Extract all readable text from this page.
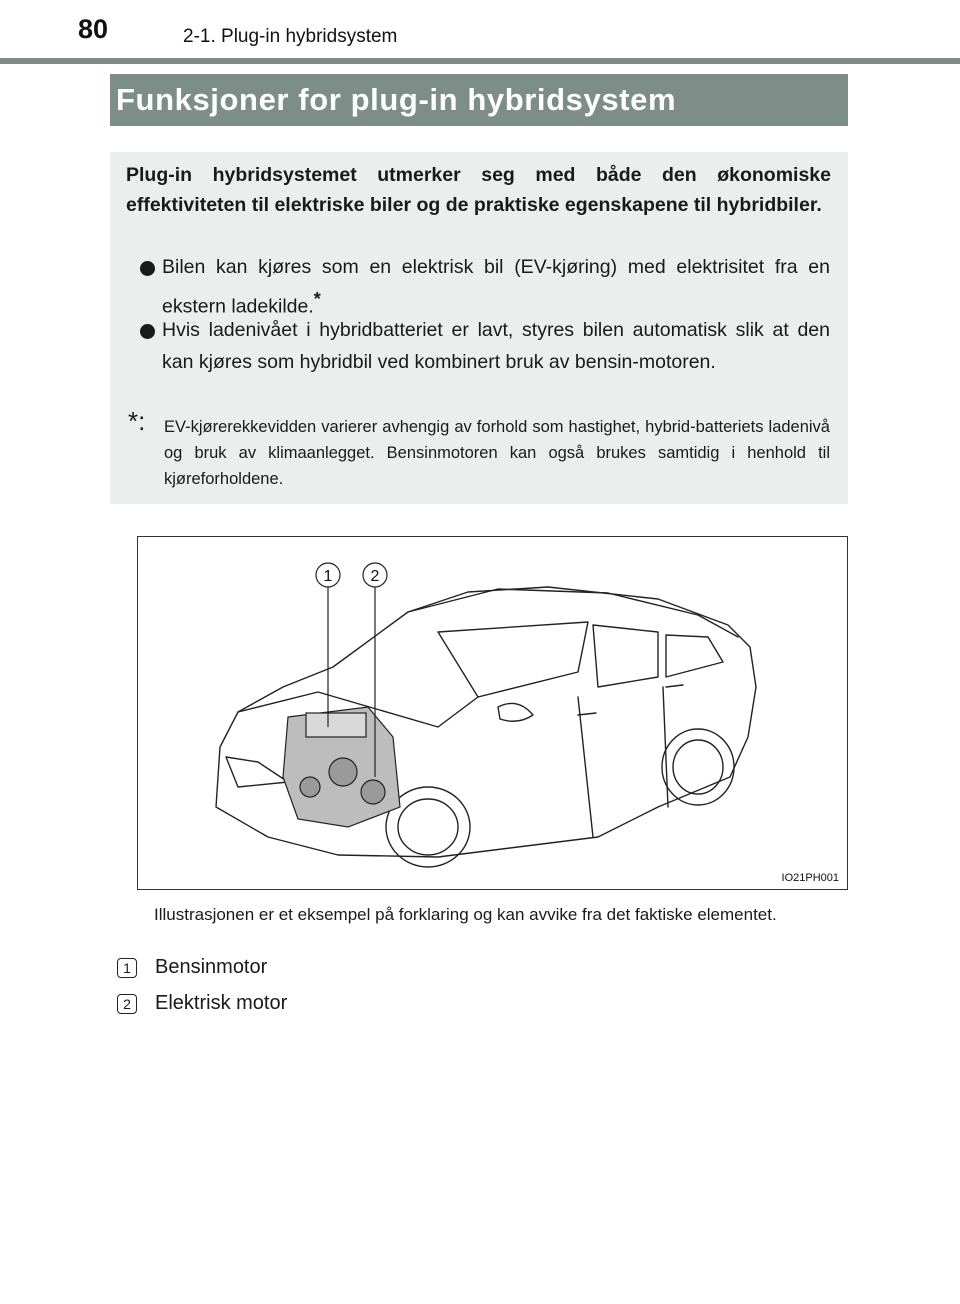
80	2-1. Plug-in hybridsystem
Funksjoner for plug-in hybridsystem
Plug-in hybridsystemet utmerker seg med både den økonomiske effektiviteten til elektriske biler og de praktiske egenskapene til hybridbiler.
Bilen kan kjøres som en elektrisk bil (EV-kjøring) med elektrisitet fra en ekstern ladekilde.*
Hvis ladenivået i hybridbatteriet er lavt, styres bilen automatisk slik at den kan kjøres som hybridbil ved kombinert bruk av bensin-motoren.
*:	EV-kjørerekkevidden varierer avhengig av forhold som hastighet, hybrid-batteriets ladenivå og bruk av klimaanlegget. Bensinmotoren kan også brukes samtidig i henhold til kjøreforholdene.
1 2
IO21PH001
Illustrasjonen er et eksempel på forklaring og kan avvike fra det faktiske elementet.
1	Bensinmotor
2	Elektrisk motor
